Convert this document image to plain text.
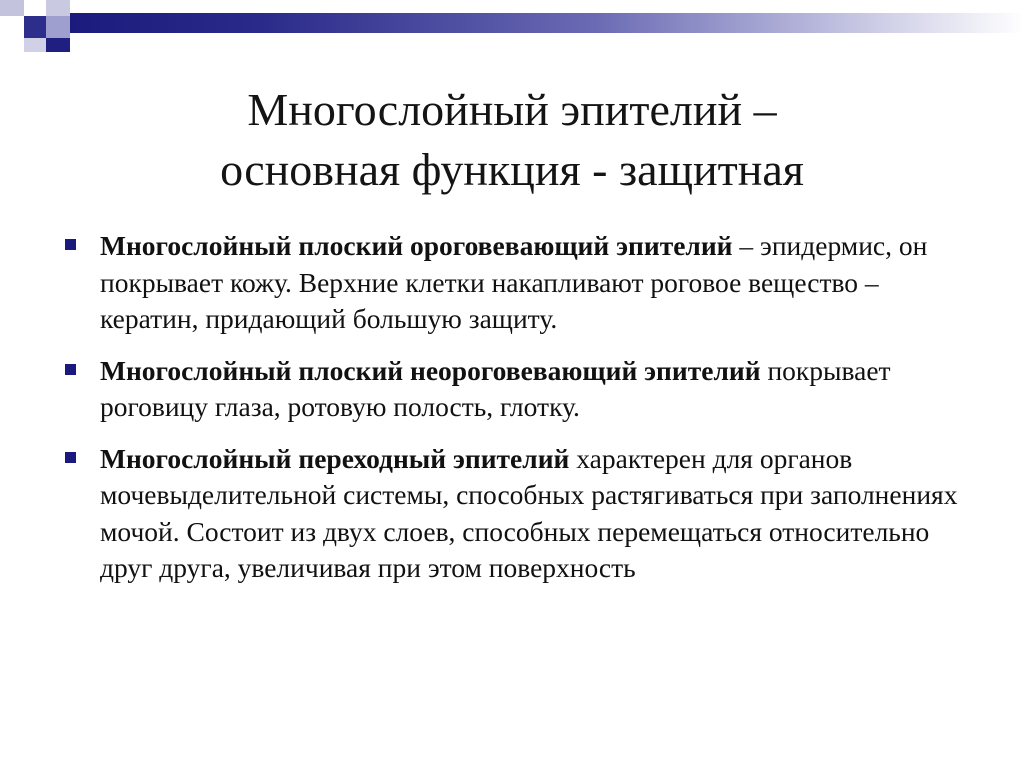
Многослойный эпителий –
основная функция - защитная
Многослойный плоский ороговевающий эпителий – эпидермис, он покрывает кожу. Верхние клетки накапливают роговое вещество – кератин, придающий большую защиту.
Многослойный плоский неороговевающий эпителий покрывает роговицу глаза, ротовую полость, глотку.
Многослойный переходный эпителий характерен для органов мочевыделительной системы, способных растягиваться при заполнениях мочой. Состоит из двух слоев, способных перемещаться относительно друг друга, увеличивая при этом поверхность
